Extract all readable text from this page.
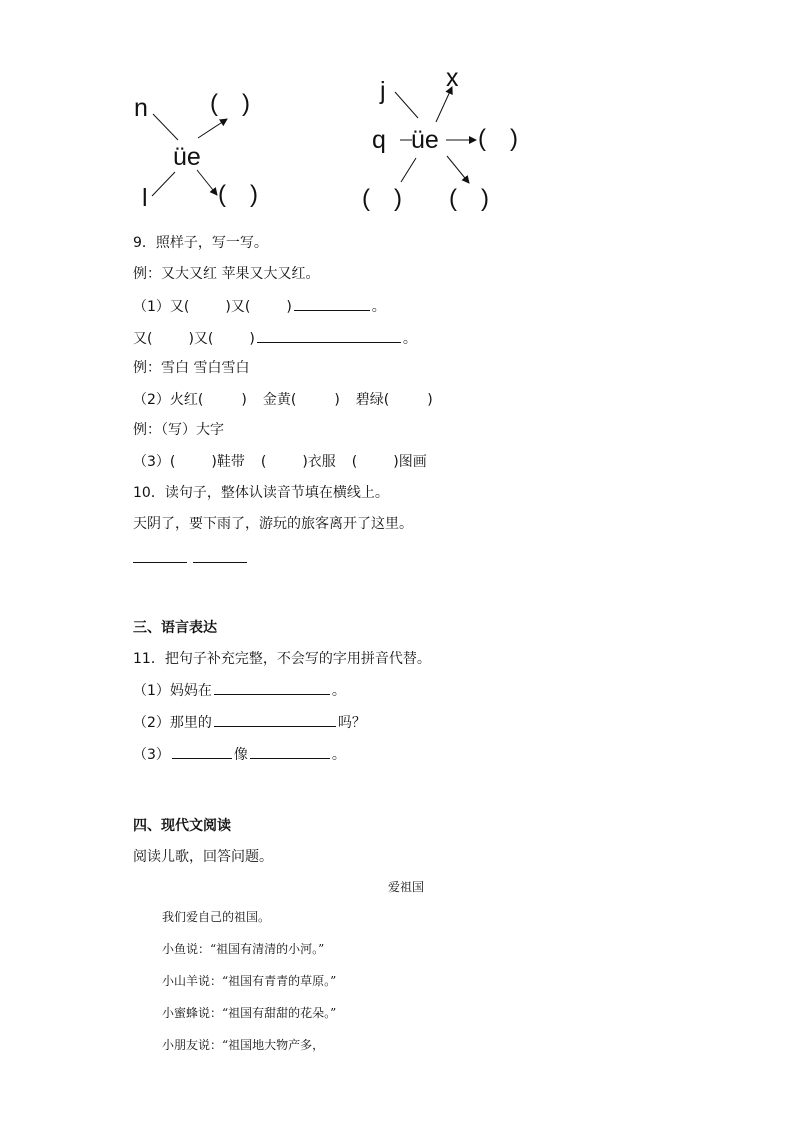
n	(　)
üe
l	(　)
j x
q üe (　)
(　) (　)
9．照样子，写一写。
例：又大又红 苹果又大又红。
（1）又(	)又(	)	。
又(	)又(	)	。
例：雪白 雪白雪白
（2）火红(	) 金黄(	) 碧绿(	)
例：（写）大字
（3）(	)鞋带 (	)衣服 (	)图画
10．读句子，整体认读音节填在横线上。
天阴了，要下雨了，游玩的旅客离开了这里。
三、语言表达
11．把句子补充完整，不会写的字用拼音代替。
（1）妈妈在	。
（2）那里的	吗？
（3）	像	。
四、现代文阅读
阅读儿歌，回答问题。
爱祖国
我们爱自己的祖国。
小鱼说：“祖国有清清的小河。”
小山羊说：“祖国有青青的草原。”
小蜜蜂说：“祖国有甜甜的花朵。”
小朋友说：“祖国地大物产多，
